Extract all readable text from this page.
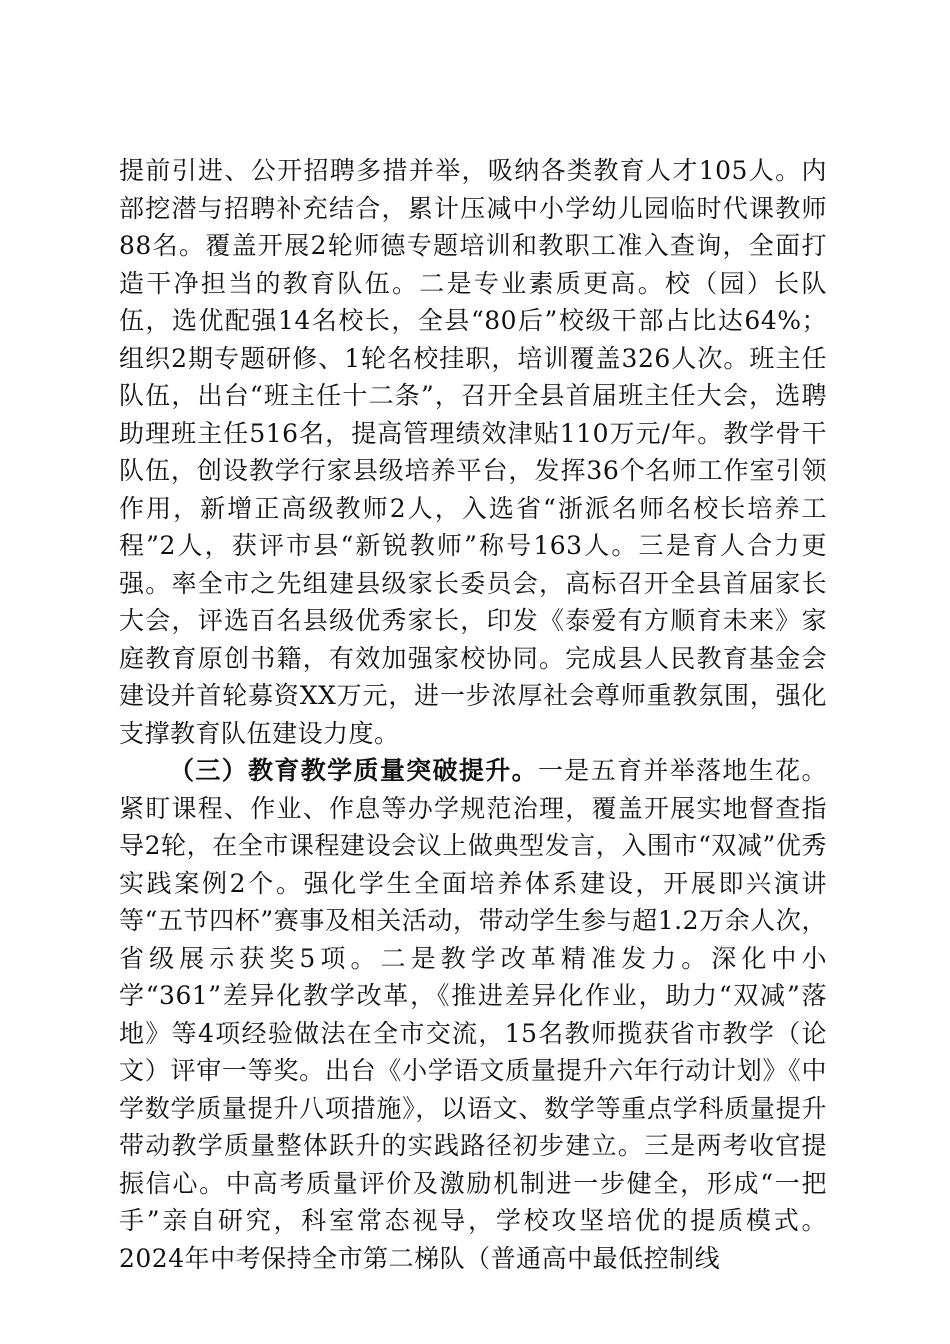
提前引进、公开招聘多措并举，吸纳各类教育人才105人。内部挖潜与招聘补充结合，累计压减中小学幼儿园临时代课教师88名。覆盖开展2轮师德专题培训和教职工准入查询，全面打造干净担当的教育队伍。二是专业素质更高。校（园）长队伍，选优配强14名校长，全县“80后”校级干部占比达64%；组织2期专题研修、1轮名校挂职，培训覆盖326人次。班主任队伍，出台“班主任十二条”，召开全县首届班主任大会，选聘助理班主任516名，提高管理绩效津贴110万元/年。教学骨干队伍，创设教学行家县级培养平台，发挥36个名师工作室引领作用，新增正高级教师2人，入选省“浙派名师名校长培养工程”2人，获评市县“新锐教师”称号163人。三是育人合力更强。率全市之先组建县级家长委员会，高标召开全县首届家长大会，评选百名县级优秀家长，印发《泰爱有方顺育未来》家庭教育原创书籍，有效加强家校协同。完成县人民教育基金会建设并首轮募资XX万元，进一步浓厚社会尊师重教氛围，强化支撑教育队伍建设力度。

（三）教育教学质量突破提升。一是五育并举落地生花。紧盯课程、作业、作息等办学规范治理，覆盖开展实地督查指导2轮，在全市课程建设会议上做典型发言，入围市“双减”优秀实践案例2个。强化学生全面培养体系建设，开展即兴演讲等“五节四杯”赛事及相关活动，带动学生参与超1.2万余人次，省级展示获奖5项。二是教学改革精准发力。深化中小学“361”差异化教学改革，《推进差异化作业，助力“双减”落地》等4项经验做法在全市交流，15名教师揽获省市教学（论文）评审一等奖。出台《小学语文质量提升六年行动计划》《中学数学质量提升八项措施》，以语文、数学等重点学科质量提升带动教学质量整体跃升的实践路径初步建立。三是两考收官提振信心。中高考质量评价及激励机制进一步健全，形成“一把手”亲自研究，科室常态视导，学校攻坚培优的提质模式。2024年中考保持全市第二梯队（普通高中最低控制线
